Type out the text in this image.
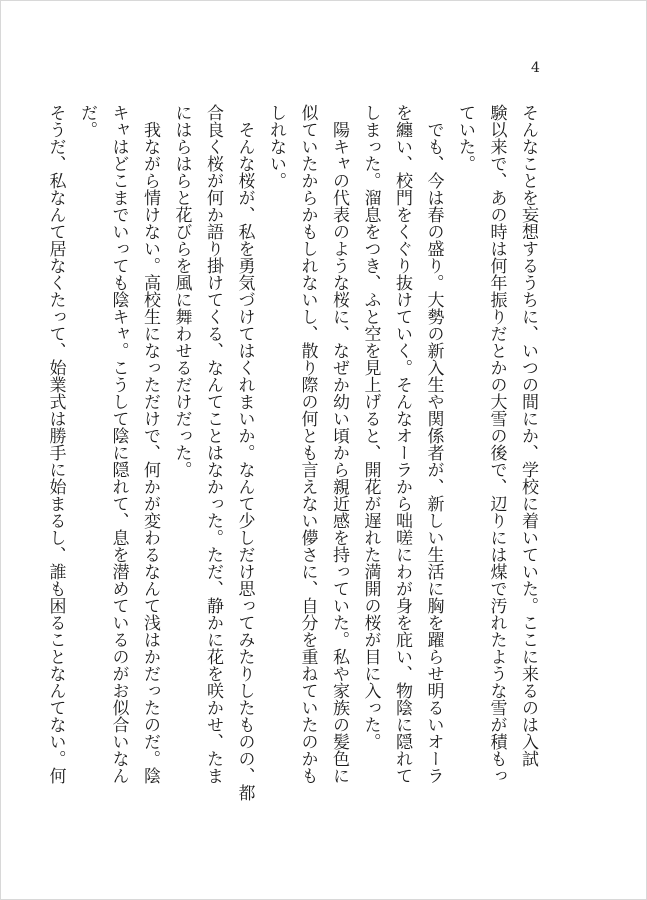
4
そんなことを妄想するうちに、いつの間にか、学校に着いていた。ここに来るのは入試
験以来で、あの時は何年振りだとかの大雪の後で、辺りには煤で汚れたような雪が積もっ
ていた。
でも、今は春の盛り。大勢の新入生や関係者が、新しい生活に胸を躍らせ明るいオーラ
を纏い、校門をくぐり抜けていく。そんなオーラから咄嗟にわが身を庇い、物陰に隠れて
しまった。溜息をつき、ふと空を見上げると、開花が遅れた満開の桜が目に入った。
陽キャの代表のような桜に、なぜか幼い頃から親近感を持っていた。私や家族の髪色に
似ていたからかもしれないし、散り際の何とも言えない儚さに、自分を重ねていたのかも
しれない。
そんな桜が、私を勇気づけてはくれまいか。なんて少しだけ思ってみたりしたものの、都
合良く桜が何か語り掛けてくる、なんてことはなかった。ただ、静かに花を咲かせ、たま
にはらはらと花びらを風に舞わせるだけだった。
我ながら情けない。高校生になっただけで、何かが変わるなんて浅はかだったのだ。陰
キャはどこまでいっても陰キャ。こうして陰に隠れて、息を潜めているのがお似合いなん
だ。
そうだ、私なんて居なくたって、始業式は勝手に始まるし、誰も困ることなんてない。何
